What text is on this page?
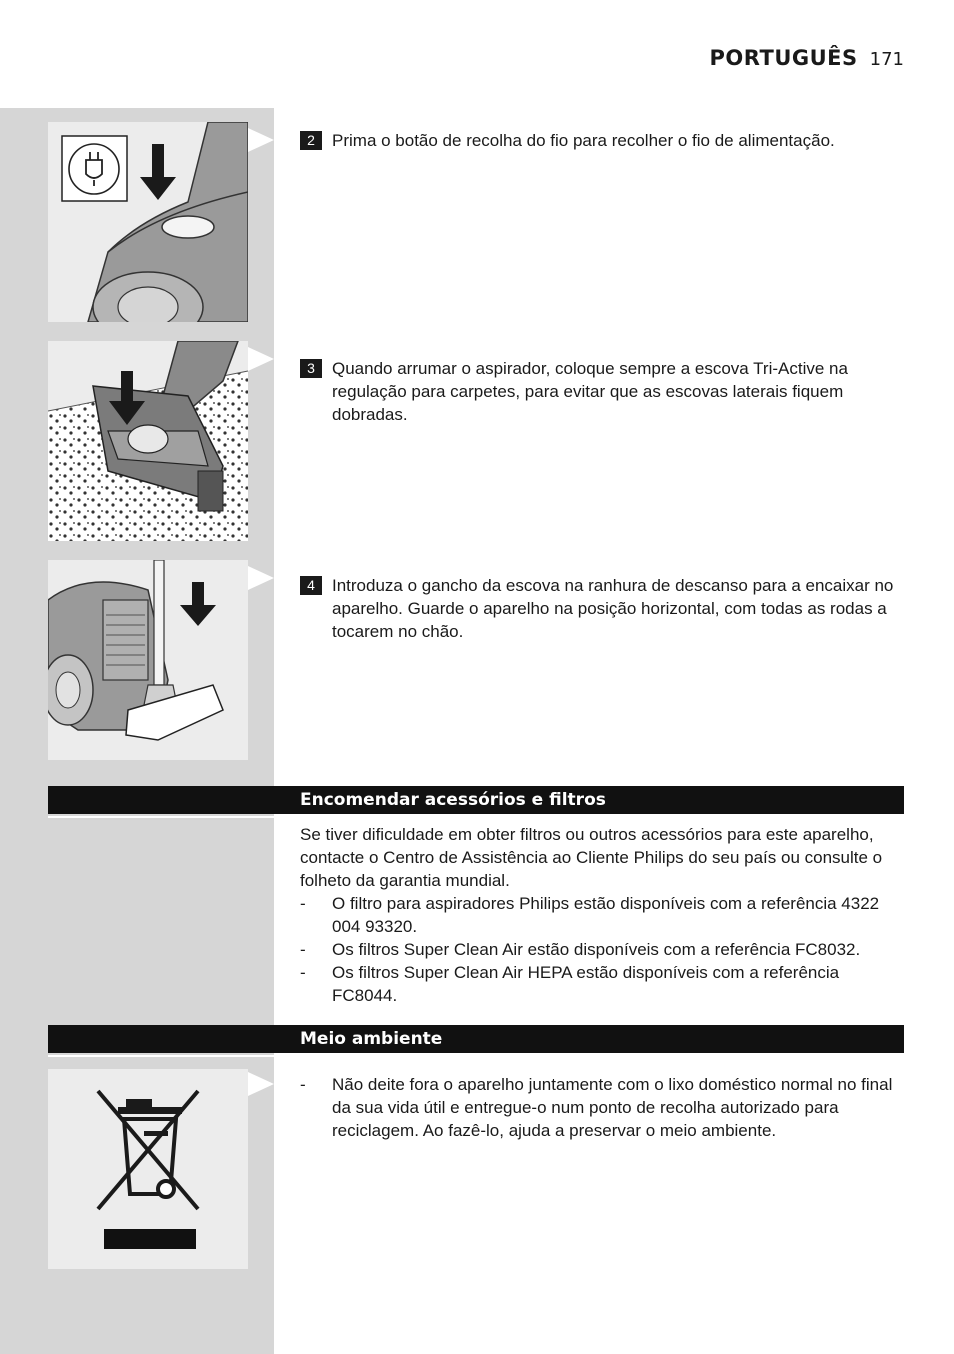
PORTUGUÊS 171
2	Prima o botão de recolha do fio para recolher o fio de alimentação.
3	Quando arrumar o aspirador, coloque sempre a escova Tri-Active na regulação para carpetes, para evitar que as escovas laterais fiquem dobradas.
4	Introduza o gancho da escova na ranhura de descanso para a encaixar no aparelho. Guarde o aparelho na posição horizontal, com todas as rodas a tocarem no chão.
Encomendar acessórios e filtros
Se tiver dificuldade em obter filtros ou outros acessórios para este aparelho, contacte o Centro de Assistência ao Cliente Philips do seu país ou consulte o folheto da garantia mundial.
- O filtro para aspiradores Philips estão disponíveis com a referência 4322 004 93320.
- Os filtros Super Clean Air estão disponíveis com a referência FC8032.
- Os filtros Super Clean Air HEPA estão disponíveis com a referência FC8044.
Meio ambiente
- Não deite fora o aparelho juntamente com o lixo doméstico normal no final da sua vida útil e entregue-o num ponto de recolha autorizado para reciclagem. Ao fazê-lo, ajuda a preservar o meio ambiente.
